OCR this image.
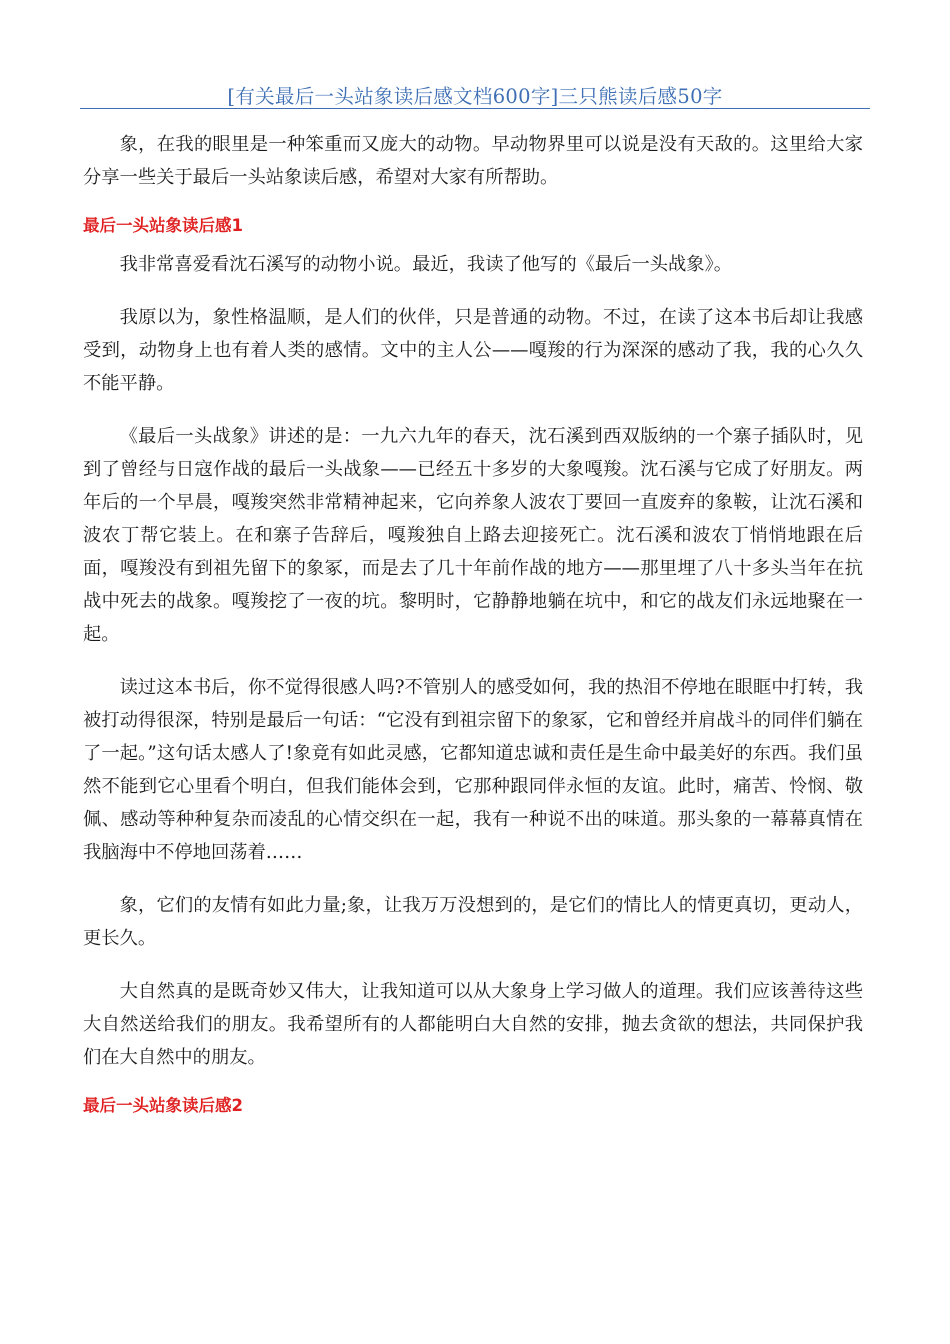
[有关最后一头站象读后感文档600字]三只熊读后感50字

象，在我的眼里是一种笨重而又庞大的动物。早动物界里可以说是没有天敌的。这里给大家分享一些关于最后一头站象读后感，希望对大家有所帮助。

最后一头站象读后感1

我非常喜爱看沈石溪写的动物小说。最近，我读了他写的《最后一头战象》。

我原以为，象性格温顺，是人们的伙伴，只是普通的动物。不过，在读了这本书后却让我感受到，动物身上也有着人类的感情。文中的主人公——嘎羧的行为深深的感动了我，我的心久久不能平静。

《最后一头战象》讲述的是：一九六九年的春天，沈石溪到西双版纳的一个寨子插队时，见到了曾经与日寇作战的最后一头战象——已经五十多岁的大象嘎羧。沈石溪与它成了好朋友。两年后的一个早晨，嘎羧突然非常精神起来，它向养象人波农丁要回一直废弃的象鞍，让沈石溪和波农丁帮它装上。在和寨子告辞后，嘎羧独自上路去迎接死亡。沈石溪和波农丁悄悄地跟在后面，嘎羧没有到祖先留下的象冢，而是去了几十年前作战的地方——那里埋了八十多头当年在抗战中死去的战象。嘎羧挖了一夜的坑。黎明时，它静静地躺在坑中，和它的战友们永远地聚在一起。

读过这本书后，你不觉得很感人吗?不管别人的感受如何，我的热泪不停地在眼眶中打转，我被打动得很深，特别是最后一句话：“它没有到祖宗留下的象冢，它和曾经并肩战斗的同伴们躺在了一起。”这句话太感人了!象竟有如此灵感，它都知道忠诚和责任是生命中最美好的东西。我们虽然不能到它心里看个明白，但我们能体会到，它那种跟同伴永恒的友谊。此时，痛苦、怜悯、敬佩、感动等种种复杂而凌乱的心情交织在一起，我有一种说不出的味道。那头象的一幕幕真情在我脑海中不停地回荡着……

象，它们的友情有如此力量;象，让我万万没想到的，是它们的情比人的情更真切，更动人，更长久。

大自然真的是既奇妙又伟大，让我知道可以从大象身上学习做人的道理。我们应该善待这些大自然送给我们的朋友。我希望所有的人都能明白大自然的安排，抛去贪欲的想法，共同保护我们在大自然中的朋友。

最后一头站象读后感2
